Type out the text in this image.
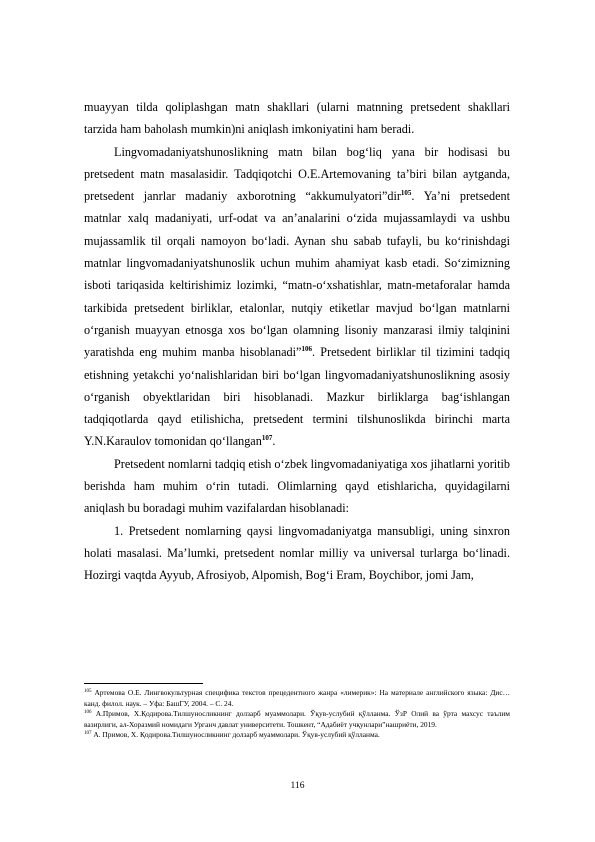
muayyan tilda qoliplashgan matn shakllari (ularni matnning pretsedent shakllari tarzida ham baholash mumkin)ni aniqlash imkoniyatini ham beradi.

Lingvomadaniyatshunoslikning matn bilan bog‘liq yana bir hodisasi bu pretsedent matn masalasidir. Tadqiqotchi O.E.Artemovaning ta’biri bilan aytganda, pretsedent janrlar madaniy axborotning “akkumulyatori”dir$^{105}$. Ya’ni pretsedent matnlar xalq madaniyati, urf-odat va an’analarini o‘zida mujassamlaydi va ushbu mujassamlik til orqali namoyon bo‘ladi. Aynan shu sabab tufayli, bu ko‘rinishdagi matnlar lingvomadaniyatshunoslik uchun muhim ahamiyat kasb etadi. So‘zimizning isboti tariqasida keltirishimiz lozimki, “matn-o‘xshatishlar, matn-metaforalar hamda tarkibida pretsedent birliklar, etalonlar, nutqiy etiketlar mavjud bo‘lgan matnlarni o‘rganish muayyan etnosga xos bo‘lgan olamning lisoniy manzarasi ilmiy talqinini yaratishda eng muhim manba hisoblanadi”$^{106}$. Pretsedent birliklar til tizimini tadqiq etishning yetakchi yo‘nalishlaridan biri bo‘lgan lingvomadaniyatshunoslikning asosiy o‘rganish obyektlaridan biri hisoblanadi. Mazkur birliklarga bag‘ishlangan tadqiqotlarda qayd etilishicha, pretsedent termini tilshunoslikda birinchi marta Y.N.Karaulov tomonidan qo‘llangan$^{107}$.

Pretsedent nomlarni tadqiq etish o‘zbek lingvomadaniyatiga xos jihatlarni yoritib berishda ham muhim o‘rin tutadi. Olimlarning qayd etishlaricha, quyidagilarni aniqlash bu boradagi muhim vazifalardan hisoblanadi:

1. Pretsedent nomlarning qaysi lingvomadaniyatga mansubligi, uning sinxron holati masalasi. Ma’lumki, pretsedent nomlar milliy va universal turlarga bo‘linadi. Hozirgi vaqtda Ayyub, Afrosiyob, Alpomish, Bog‘i Eram, Boychibor, jomi Jam,

$^{105}$ Артемова О.Е. Лингвокультурная специфика текстов прецедентного жанра «лимерик»: На материале английского языка: Дис… канд. филол. наук. – Уфа: БашГУ, 2004. – С. 24.

$^{106}$ А.Примов, Х.Қодирова.Тилшуносликнинг долзарб муаммолари. Ўқув-услубий қўлланма. ЎзР Олий ва ўрта махсус таълим вазирлиги, ал-Хоразмий номидаги Урганч давлат университети. Тошкент, “Адабиёт учқунлари”нашриёти, 2019.

$^{107}$ А. Примов, Х. Қодирова.Тилшуносликнинг долзарб муаммолари. Ўқув-услубий қўлланма.

116
